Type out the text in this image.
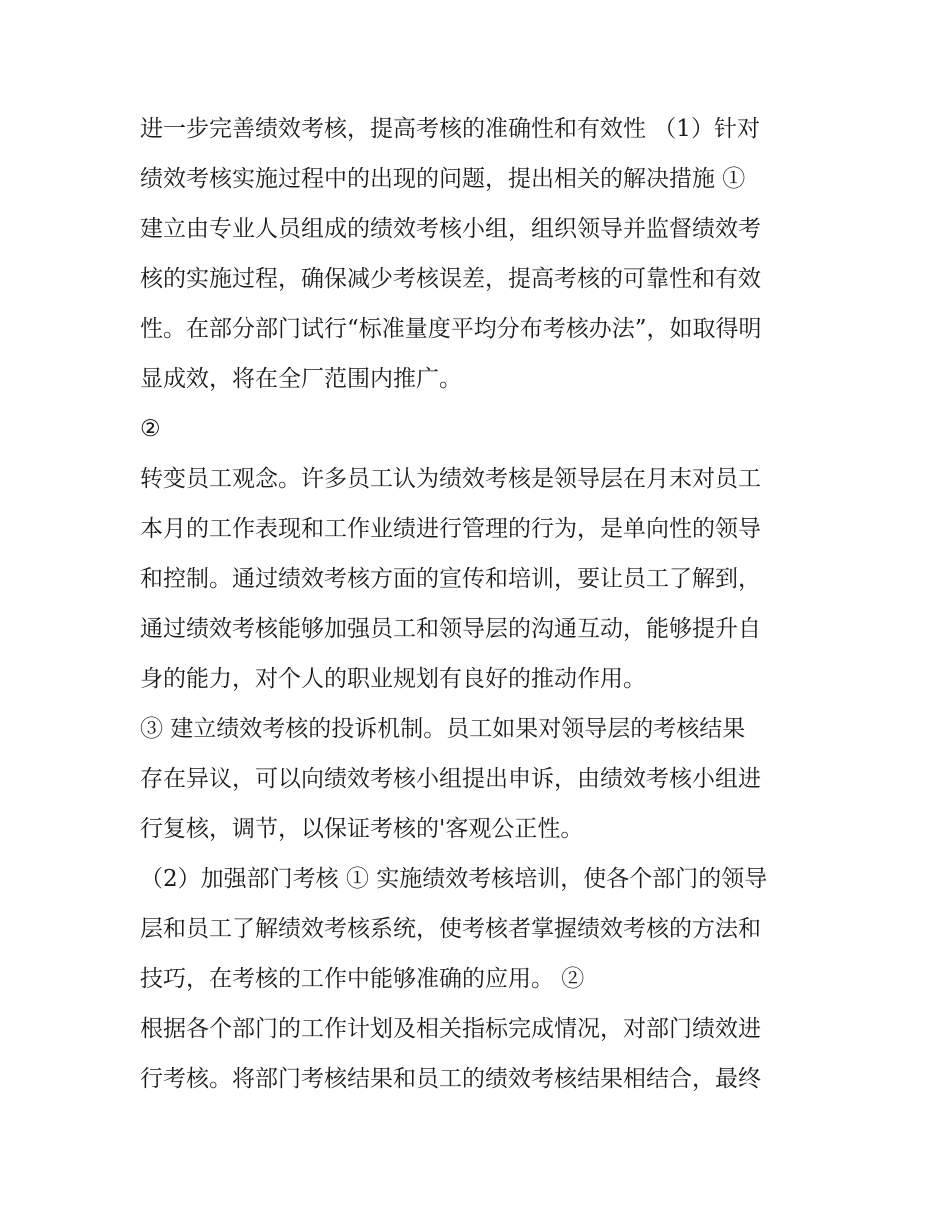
进一步完善绩效考核，提高考核的准确性和有效性 （1）针对
绩效考核实施过程中的出现的问题，提出相关的解决措施 ①
建立由专业人员组成的绩效考核小组，组织领导并监督绩效考
核的实施过程，确保减少考核误差，提高考核的可靠性和有效
性。在部分部门试行“标准量度平均分布考核办法”，如取得明
显成效，将在全厂范围内推广。
②
转变员工观念。许多员工认为绩效考核是领导层在月末对员工
本月的工作表现和工作业绩进行管理的行为，是单向性的领导
和控制。通过绩效考核方面的宣传和培训，要让员工了解到，
通过绩效考核能够加强员工和领导层的沟通互动，能够提升自
身的能力，对个人的职业规划有良好的推动作用。
③ 建立绩效考核的投诉机制。员工如果对领导层的考核结果
存在异议，可以向绩效考核小组提出申诉，由绩效考核小组进
行复核，调节，以保证考核的'客观公正性。
（2）加强部门考核 ① 实施绩效考核培训，使各个部门的领导
层和员工了解绩效考核系统，使考核者掌握绩效考核的方法和
技巧，在考核的工作中能够准确的应用。 ②
根据各个部门的工作计划及相关指标完成情况，对部门绩效进
行考核。将部门考核结果和员工的绩效考核结果相结合，最终
